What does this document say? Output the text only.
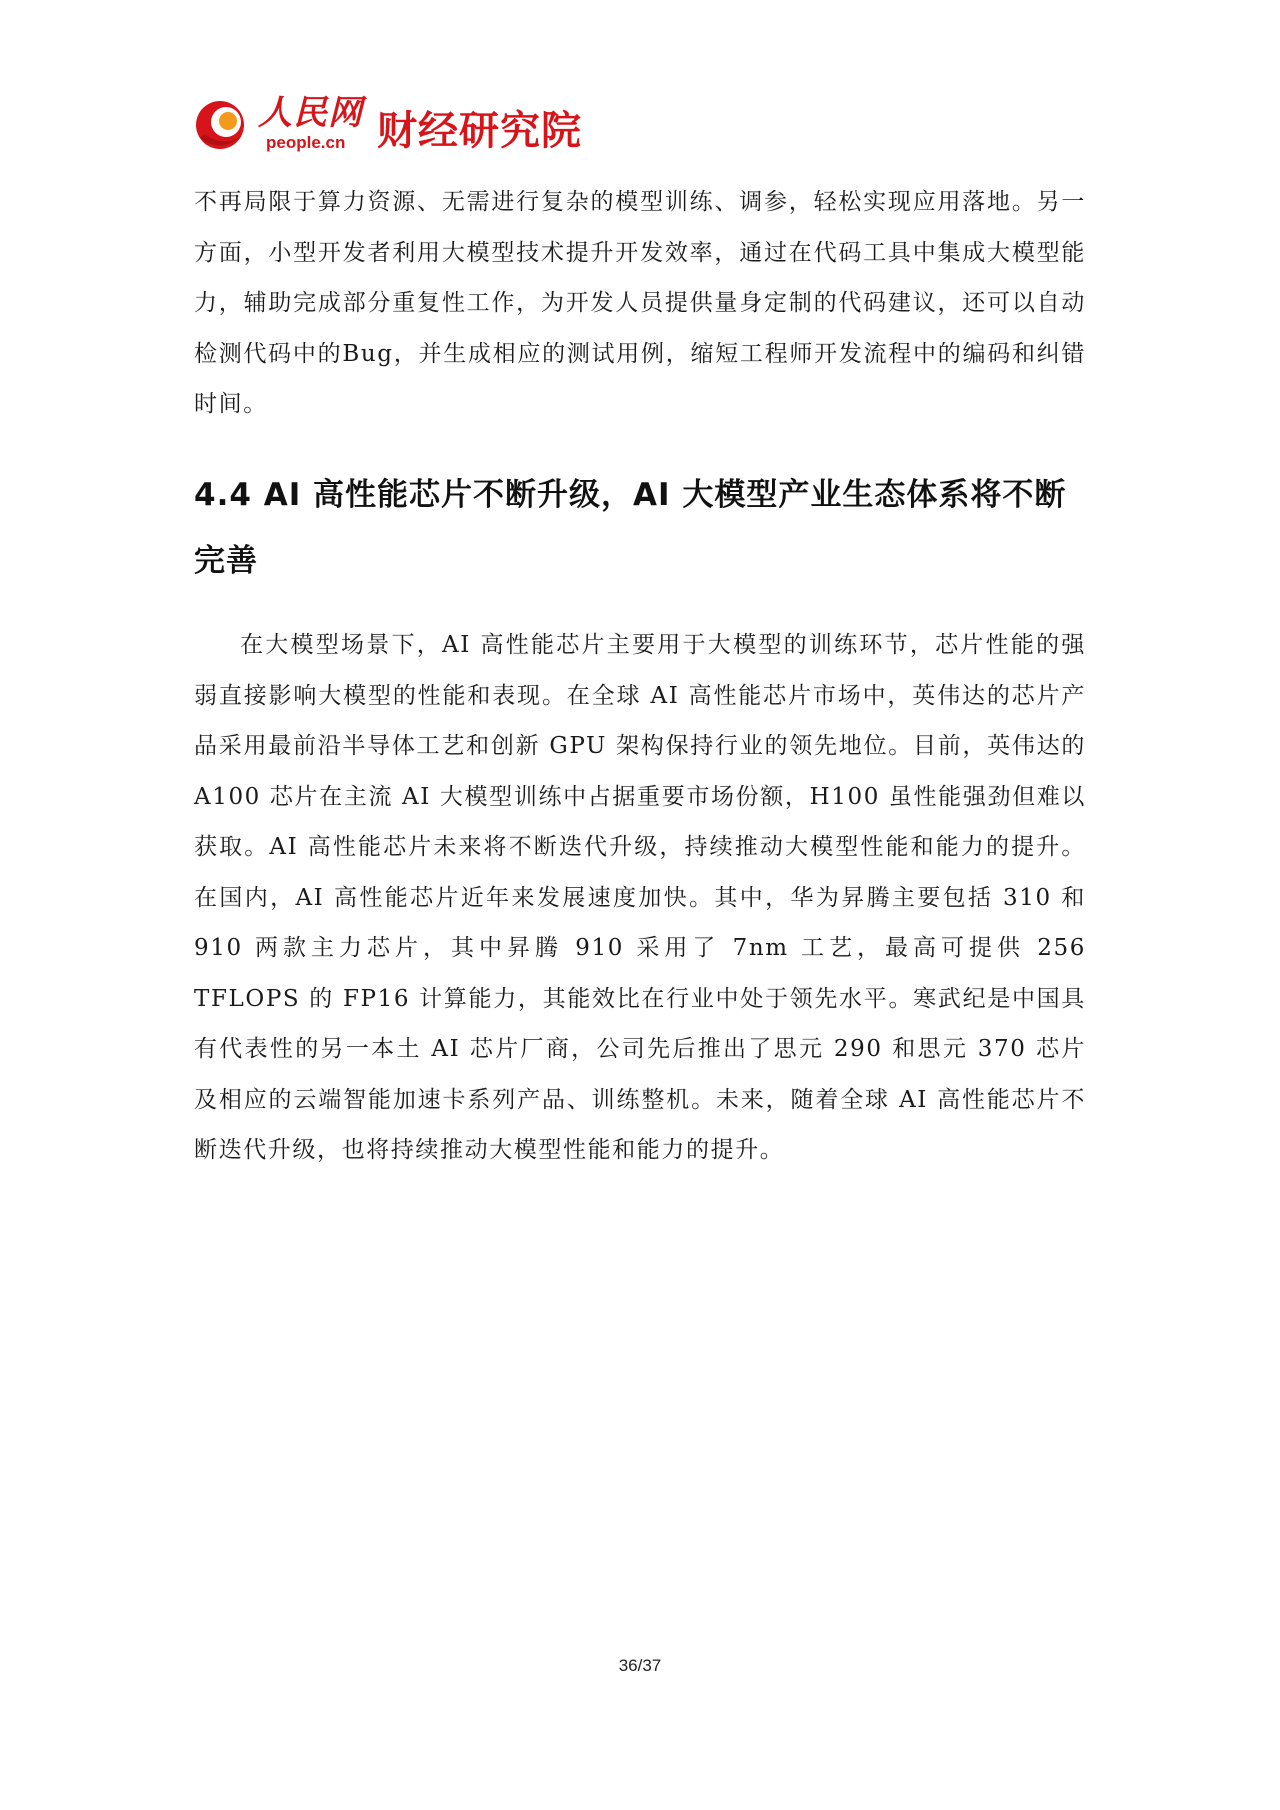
人民网
people.cn 财经研究院

不再局限于算力资源、无需进行复杂的模型训练、调参，轻松实现应用落地。另一方面，小型开发者利用大模型技术提升开发效率，通过在代码工具中集成大模型能力，辅助完成部分重复性工作，为开发人员提供量身定制的代码建议，还可以自动检测代码中的Bug，并生成相应的测试用例，缩短工程师开发流程中的编码和纠错时间。

4.4 AI 高性能芯片不断升级，AI 大模型产业生态体系将不断完善

在大模型场景下，AI 高性能芯片主要用于大模型的训练环节，芯片性能的强弱直接影响大模型的性能和表现。在全球 AI 高性能芯片市场中，英伟达的芯片产品采用最前沿半导体工艺和创新 GPU 架构保持行业的领先地位。目前，英伟达的 A100 芯片在主流 AI 大模型训练中占据重要市场份额，H100 虽性能强劲但难以获取。AI 高性能芯片未来将不断迭代升级，持续推动大模型性能和能力的提升。在国内，AI 高性能芯片近年来发展速度加快。其中，华为昇腾主要包括 310 和 910 两款主力芯片，其中昇腾 910 采用了 7nm 工艺，最高可提供 256 TFLOPS 的 FP16 计算能力，其能效比在行业中处于领先水平。寒武纪是中国具有代表性的另一本土 AI 芯片厂商，公司先后推出了思元 290 和思元 370 芯片及相应的云端智能加速卡系列产品、训练整机。未来，随着全球 AI 高性能芯片不断迭代升级，也将持续推动大模型性能和能力的提升。

36/37
